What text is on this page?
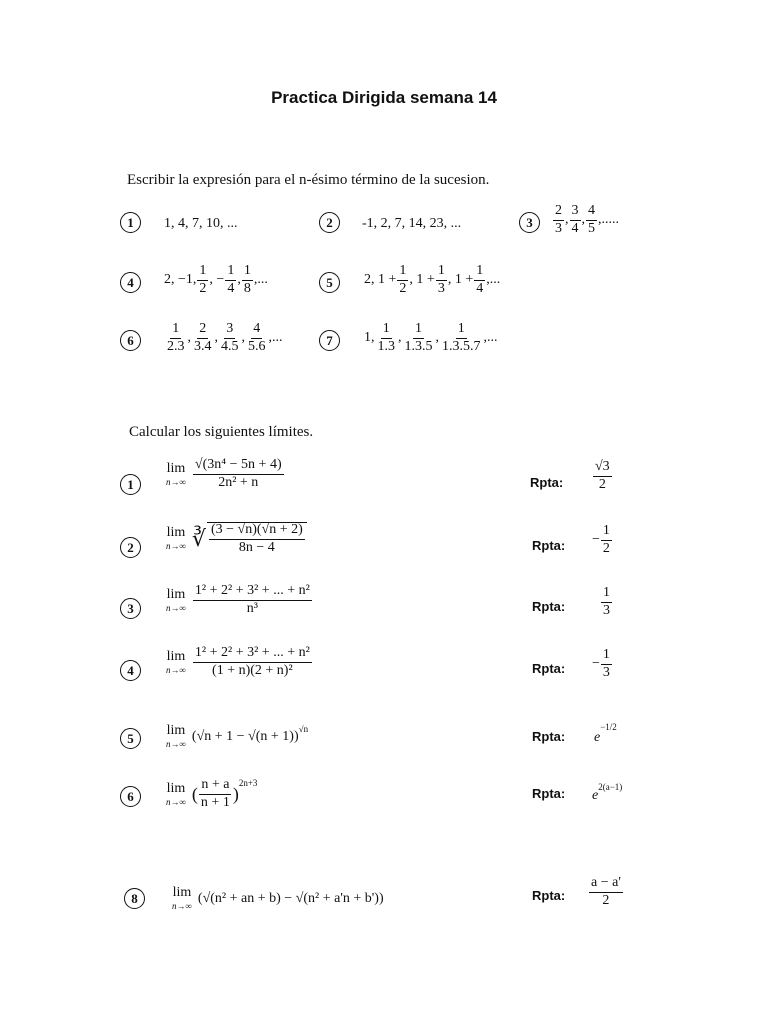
Practica Dirigida semana 14
Escribir la expresión para el n-ésimo término de la sucesion.
1	1, 4, 7, 10, ...	2	-1, 2, 7, 14, 23, ...	3	$\frac{2}{3}$ , $\frac{3}{4}$ , $\frac{4}{5}$ ,.....
4	2, −1, $\frac{1}{2}$ , − $\frac{1}{4}$ , $\frac{1}{8}$ ,...	5	2, $1 + \frac{1}{2}$ , $1 + \frac{1}{3}$ , $1 + \frac{1}{4}$ ,...
6	$\frac{1}{2.3}$ , $\frac{2}{3.4}$ , $\frac{3}{4.5}$ , $\frac{4}{5.6}$ ,...	7	1, $\frac{1}{1.3}$ , $\frac{1}{1.3.5}$ , $\frac{1}{1.3.5.7}$ ,...
Calcular los siguientes límites.
1
lim
$n\to\infty \frac{\text{√(3n⁴ − 5n + 4)}}{\text{2n² + n}}$	Rpta: $\frac{√3}{2}$
2
lim
n→∞ ∛ $\frac{(3 - √n)(√n + 2)}{8n - 4}$	Rpta: − $\frac{1}{2}$
3
lim
$n\to\infty \frac{\text{1² + 2² + 3² + ... + n²}}{\text{n³}}$	Rpta:	$\frac{1}{3}$
4
lim
$n\to\infty \frac{\text{1² + 2² + 3² + ... + n²}}{\text{(1 + n)(2 + n)²}}$	Rpta: − $\frac{1}{3}$
5	lim
n→∞
$(√n + 1 - √(n + 1))^{√n}$	Rpta: e
$^{-1/2}$
6
lim
n→∞ ( $\frac{n + a}{n + 1}$ )
$^{2n+3}$
Rpta: e
$^{2(a-1)}$
8	lim
n→∞
(√(n² + an + b) − √(n² + a'n + b'))	Rpta: $\frac{a - a'}{2}$
